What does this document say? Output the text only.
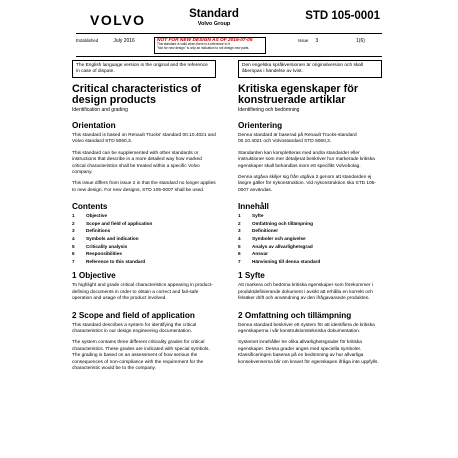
VOLVO	Standard
Volvo Group
STD 105-0001
Established	July 2016	NOT FOR NEW DESIGN AS OF 2016-07-05
This standard is valid when there is a reference to it.
"Not for new design" is only an indication to not design new parts.
Issue 3	1(6)
The English language version is the original and the reference in case of dispute.
Den engelska språkversionen är originalversion och skall åberopas i händelse av tvist.
Critical characteristics of design products

Identification and grading

Orientation

This standard is based on Renault Trucks' standard 00.10.4021 and Volvo standard STD 5060,3.

This standard can be supplemented with other standards or instructions that describe in a more detailed way how marked critical characteristics shall be treated within a specific Volvo company.

This issue differs from issue 2 in that the standard no longer applies to new design. For new designs, STD 105-0007 shall be used.

Contents
1	Objective
2	Scope and field of application
3	Definitions
4	Symbols and indication
5	Criticality analysis
6	Responsibilities
7	Reference to this standard
1 Objective

To highlight and grade critical characteristics appearing in product-defining documents in order to obtain a correct and fail-safe operation and usage of the product involved.

2 Scope and field of application

This standard describes a system for identifying the critical characteristics in our design engineering documentation.

The system contains three different criticality grades for critical characteristics. These grades are indicated with special symbols. The grading is based on an assessment of how serious the consequences of non-compliance with the requirement for the characteristic would be to the company.

Kritiska egenskaper för konstruerade artiklar

Identifiering och bedömning

Orientering

Denna standard är baserad på Renault Trucks-standard 00.10.4021 och Volvostandard STD 5060,3.

Standarden kan kompletteras med andra standarder eller instruktioner som mer detaljerat beskriver hur markerade kritiska egenskaper skall behandlas inom ett specifikt Volvobolag.

Denna utgåva skiljer sig från utgåva 2 genom att standarden ej längre gäller för nykonstruktion. Vid nykonstruktion ska STD 105-0007 användas.

Innehåll
1	Syfte
2	Omfattning och tillämpning
3	Definitioner
4	Symboler och angivelse
5	Analys av allvarlighetsgrad
6	Ansvar
7	Hänvisning till denna standard
1 Syfte

Att markera och bedöma kritiska egenskaper som förekommer i produktdefinierande dokument i avsikt att erhålla en korrekt och felsäker drift och användning av den ifrågavarande produkten.

2 Omfattning och tillämpning

Denna standard beskriver ett system för att identifiera de kritiska egenskaperna i vår konstruktionstekniska dokumentation.

Systemet innehåller tre olika allvarlighetsgrader för kritiska egenskaper. Dessa grader anges med speciella symboler. Klassificeringen baseras på en bedömning av hur allvarliga konsekvenserna blir om kravet för egenskapen ifråga inte uppfylls.
